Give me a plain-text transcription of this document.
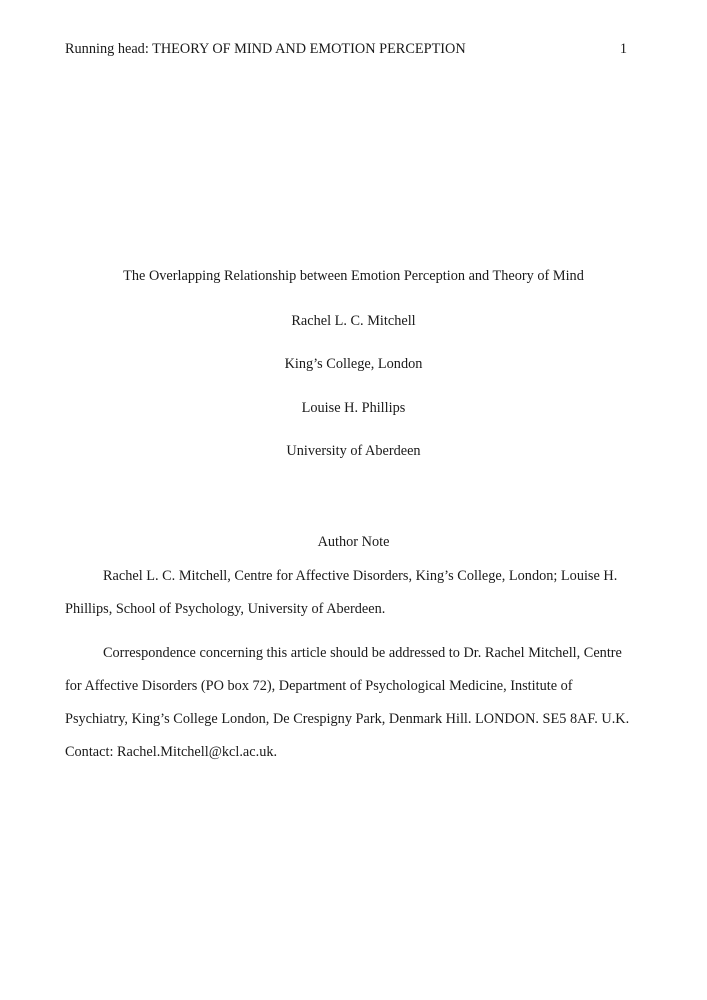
Running head: THEORY OF MIND AND EMOTION PERCEPTION	1
The Overlapping Relationship between Emotion Perception and Theory of Mind
Rachel L. C. Mitchell
King’s College, London
Louise H. Phillips
University of Aberdeen
Author Note
Rachel L. C. Mitchell, Centre for Affective Disorders, King’s College, London; Louise H.
Phillips, School of Psychology, University of Aberdeen.
Correspondence concerning this article should be addressed to Dr. Rachel Mitchell, Centre
for Affective Disorders (PO box 72), Department of Psychological Medicine, Institute of
Psychiatry, King’s College London, De Crespigny Park, Denmark Hill. LONDON. SE5 8AF. U.K.
Contact: Rachel.Mitchell@kcl.ac.uk.
